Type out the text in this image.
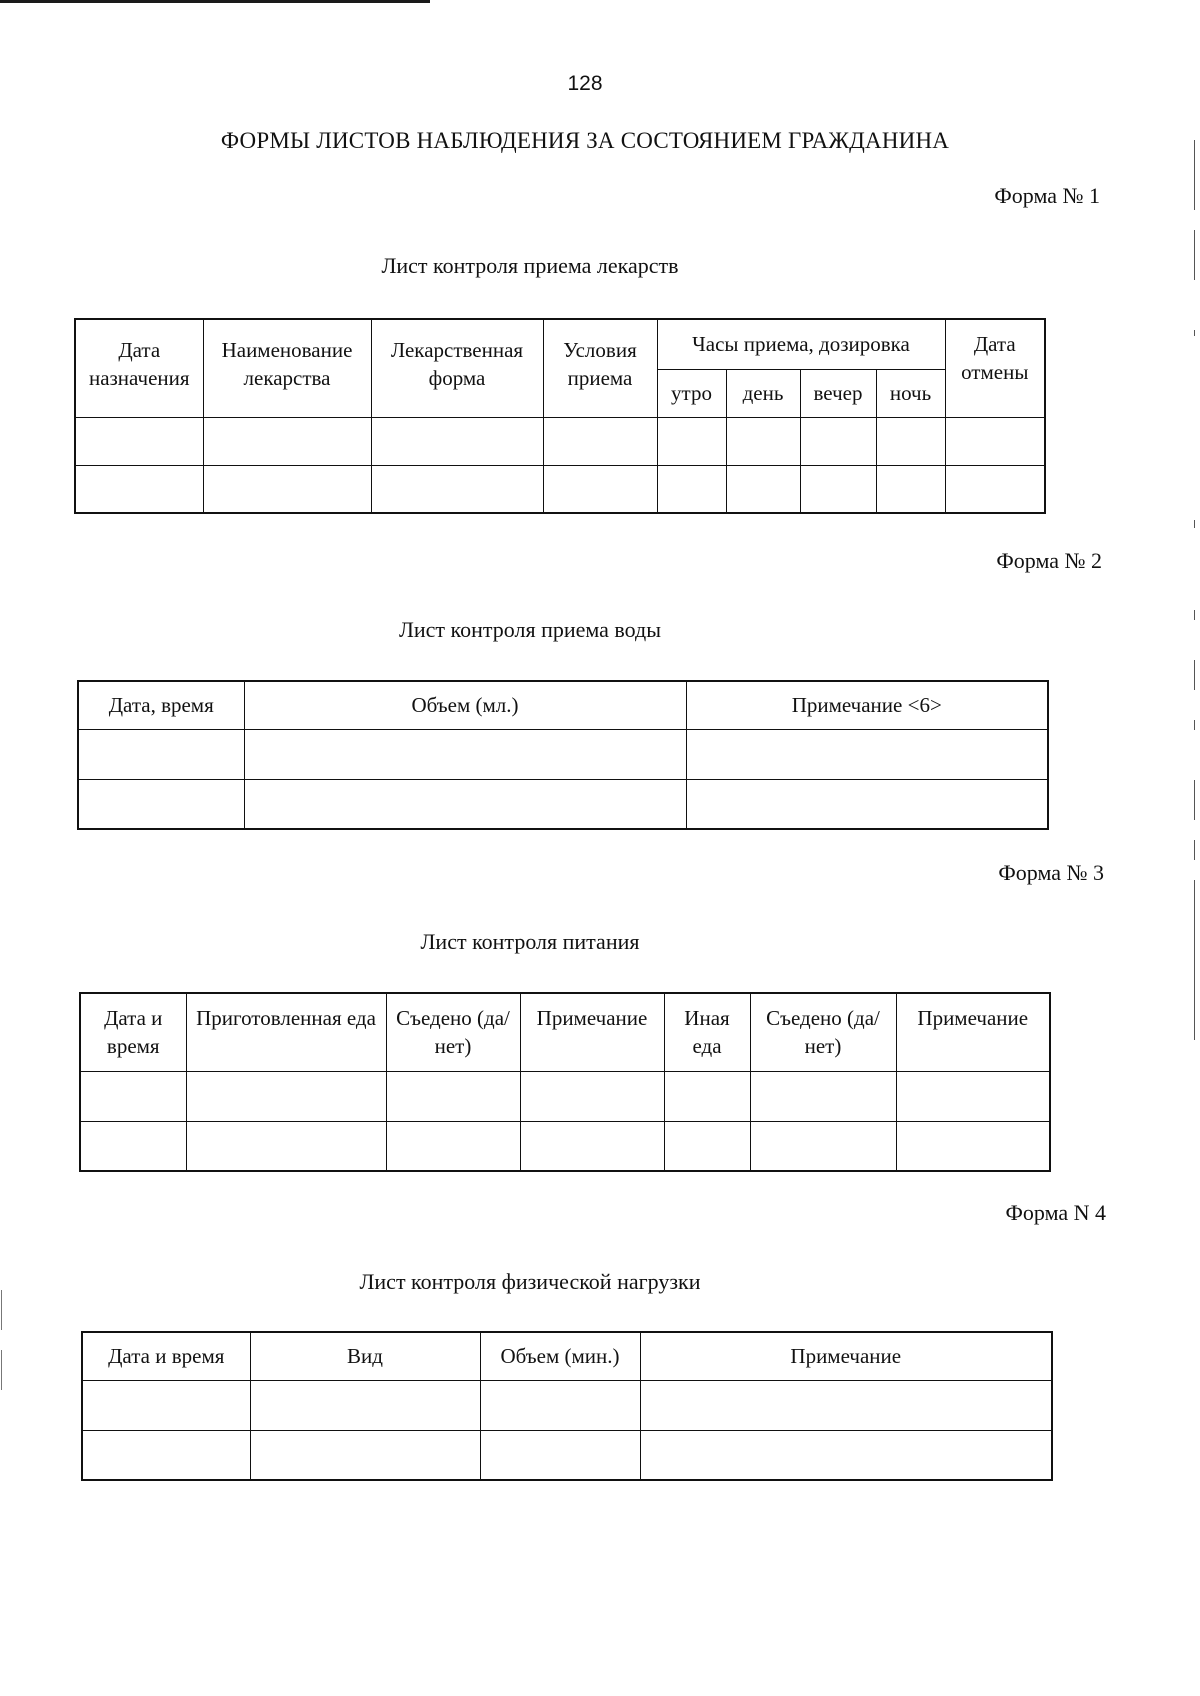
128
ФОРМЫ ЛИСТОВ НАБЛЮДЕНИЯ ЗА СОСТОЯНИЕМ ГРАЖДАНИНА
Форма № 1
Лист контроля приема лекарств
Дата назначения	Наименование лекарства	Лекарственная форма	Условия приема	Часы приема, дозировка				Дата отмены
				утро	день	вечер	ночь	

Форма № 2
Лист контроля приема воды
Дата, время	Объем (мл.)	Примечание <6>

Форма № 3
Лист контроля питания
Дата и время	Приготовленная еда	Съедено (да/нет)	Примечание	Иная еда	Съедено (да/нет)	Примечание

Форма N 4
Лист контроля физической нагрузки
Дата и время	Вид	Объем (мин.)	Примечание
